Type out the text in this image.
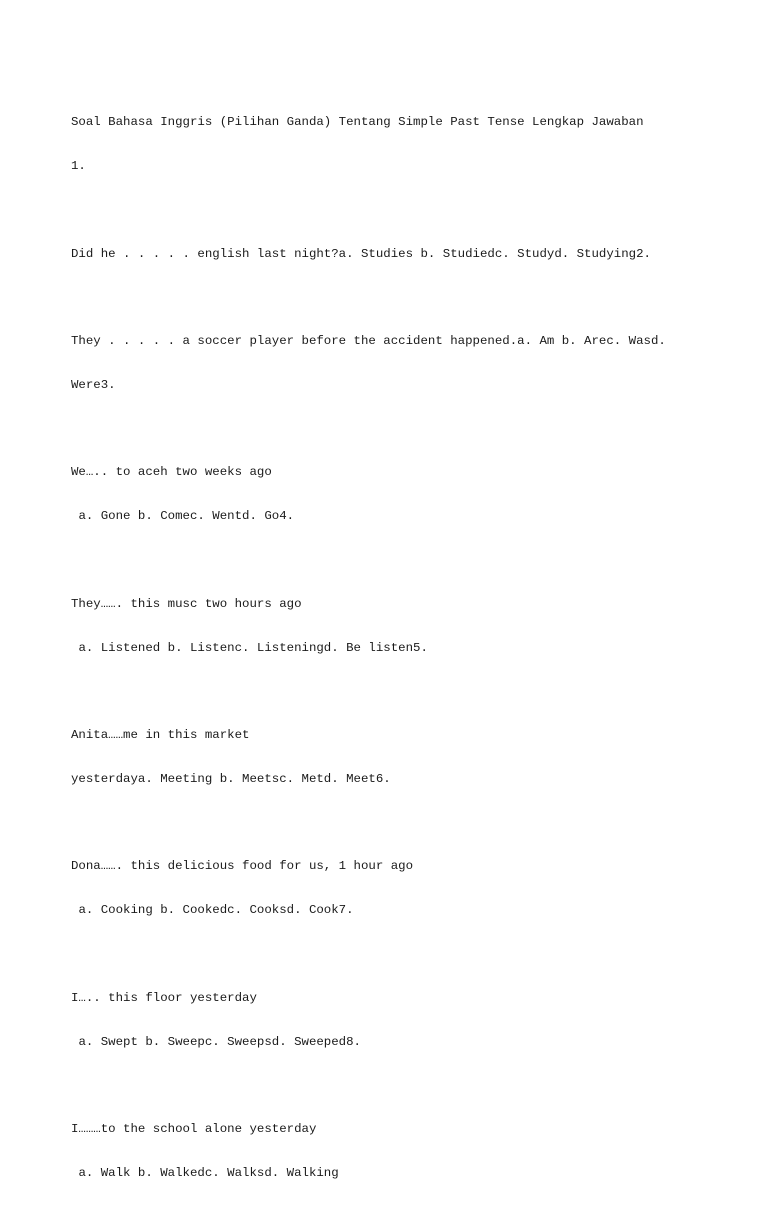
Soal Bahasa Inggris (Pilihan Ganda) Tentang Simple Past Tense Lengkap Jawaban

1.

Did he . . . . . english last night?a. Studies b. Studiedc. Studyd. Studying2.

They . . . . . a soccer player before the accident happened.a. Am b. Arec. Wasd.

Were3.

We….. to aceh two weeks ago

a. Gone b. Comec. Wentd. Go4.

They……. this musc two hours ago

a. Listened b. Listenc. Listeningd. Be listen5.

Anita……me in this market

yesterdaya. Meeting b. Meetsc. Metd. Meet6.

Dona……. this delicious food for us, 1 hour ago

a. Cooking b. Cookedc. Cooksd. Cook7.

I….. this floor yesterday

a. Swept b. Sweepc. Sweepsd. Sweeped8.

I………to the school alone yesterday

a. Walk b. Walkedc. Walksd. Walking
